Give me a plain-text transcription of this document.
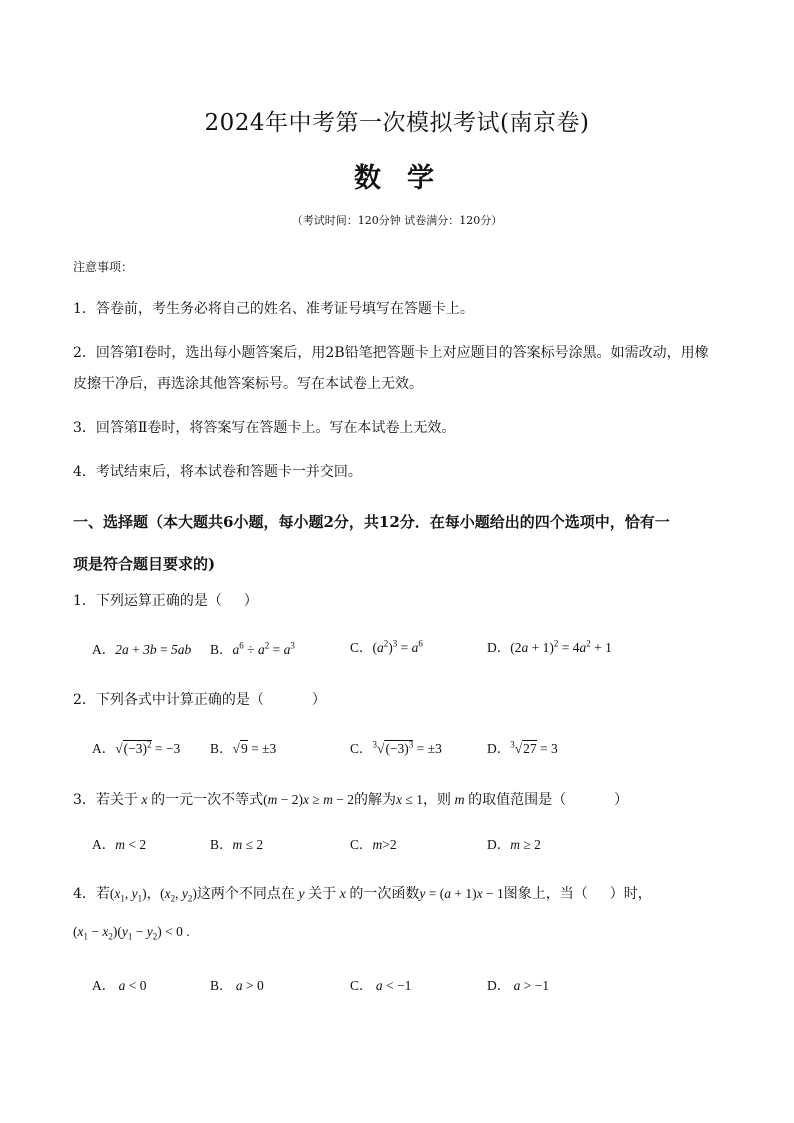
2024年中考第一次模拟考试(南京卷)
数学
（考试时间：120分钟 试卷满分：120分）
注意事项：
1．答卷前，考生务必将自己的姓名、准考证号填写在答题卡上。
2．回答第Ⅰ卷时，选出每小题答案后，用2B铅笔把答题卡上对应题目的答案标号涂黑。如需改动，用橡
皮擦干净后，再选涂其他答案标号。写在本试卷上无效。
3．回答第Ⅱ卷时，将答案写在答题卡上。写在本试卷上无效。
4．考试结束后，将本试卷和答题卡一并交回。
一、选择题（本大题共6小题，每小题2分，共12分．在每小题给出的四个选项中，恰有一
项是符合题目要求的)
1．下列运算正确的是（ ）
A．2a + 3b = 5ab B．$a^6 \div a^2 = a^3$	C．$(a^2)^3 = a^6$	D．$(2a + 1)^2 = 4a^2 + 1$
2．下列各式中计算正确的是（	）
A．$√(-3)^2 = -3$ B．√9 = ±3	C．$^3√(-3)^3 = \pm 3$	D．$^3$√27 = 3
3．若关于 x 的一元一次不等式(m − 2)x ≥ m − 2的解为x ≤ 1，则 m 的取值范围是（	）
A．m < 2	B．m ≤ 2	C．m>2	D．m ≥ 2
4．若($x_1$, $y_1$)，($x_2$, $y_2$)这两个不同点在 y 关于 x 的一次函数y = (a + 1)x − 1图象上，当（ ）时，
$(x_1 - x_2)(y_1 - y_2) < 0$ .
A． a < 0	B． a > 0	C． a < −1	D． a > −1
